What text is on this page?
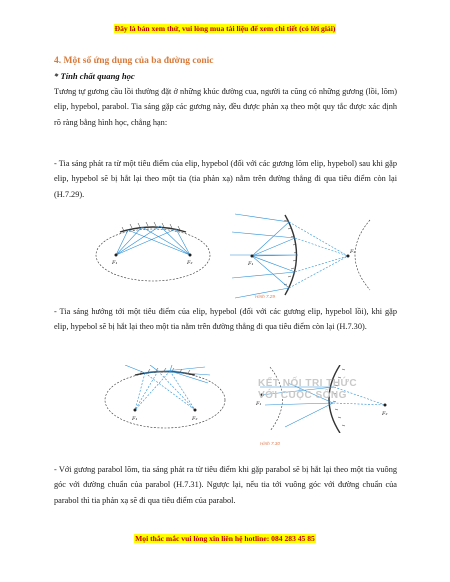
Đây là bản xem thử, vui lòng mua tài liệu để xem chi tiết (có lời giải)
4. Một số ứng dụng của ba đường conic
* Tính chất quang học
Tương tự gương cầu lồi thường đặt ở những khúc đường cua, người ta cũng có những gương (lồi, lõm) elip, hypebol, parabol. Tia sáng gặp các gương này, đều được phản xạ theo một quy tắc được xác định rõ ràng bằng hình học, chẳng hạn:
- Tia sáng phát ra từ một tiêu điểm của elip, hypebol (đối với các gương lõm elip, hypebol) sau khi gặp elip, hypebol sẽ bị hắt lại theo một tia (tia phản xạ) nằm trên đường thẳng đi qua tiêu điểm còn lại (H.7.29).
F₁	F₂	F₁
F₂
Hình 7.29
- Tia sáng hướng tới một tiêu điểm của elip, hypebol (đối với các gương elip, hypebol lồi), khi gặp elip, hypebol sẽ bị hắt lại theo một tia nằm trên đường thẳng đi qua tiêu điểm còn lại (H.7.30).
F₁	F₂
F₁
F₂
Hình 7.30
KẾT NỐI TRI THỨC
VỚI CUỘC SỐNG
- Với gương parabol lõm, tia sáng phát ra từ tiêu điểm khi gặp parabol sẽ bị hắt lại theo một tia vuông góc với đường chuẩn của parabol (H.7.31). Ngược lại, nếu tia tới vuông góc với đường chuẩn của parabol thì tia phản xạ sẽ đi qua tiêu điểm của parabol.
Mọi thắc mắc vui lòng xin liên hệ hotline: 084 283 45 85
